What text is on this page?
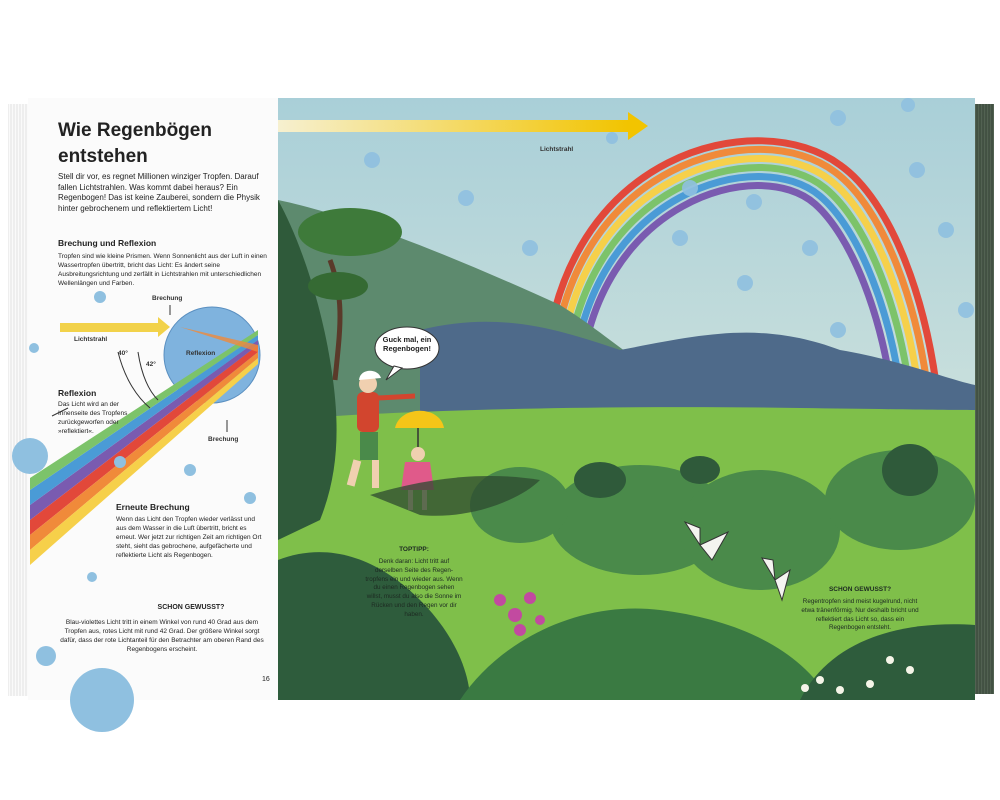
Wie Regenbögen entstehen
Stell dir vor, es regnet Millionen winziger Tropfen. Darauf fallen Lichtstrahlen. Was kommt dabei heraus? Ein Regenbogen! Das ist keine Zauberei, sondern die Physik hinter gebrochenem und reflektiertem Licht!
Brechung und Reflexion
Tropfen sind wie kleine Prismen. Wenn Sonnenlicht aus der Luft in einen Wassertropfen übertritt, bricht das Licht: Es ändert seine Ausbreitungsrichtung und zerfällt in Lichtstrahlen mit unterschiedlichen Wellenlängen und Farben.
Brechung
Lichtstrahl
Reflexion
40°
42°
Brechung
Reflexion
Das Licht wird an der Innenseite des Tropfens zurückgeworfen oder »reflektiert«.
Erneute Brechung
Wenn das Licht den Tropfen wieder verlässt und aus dem Wasser in die Luft übertritt, bricht es erneut. Wer jetzt zur richtigen Zeit am richtigen Ort steht, sieht das gebrochene, aufgefächerte und reflektierte Licht als Regenbogen.
SCHON GEWUSST?
Blau-violettes Licht tritt in einem Winkel von rund 40 Grad aus dem Tropfen aus, rotes Licht mit rund 42 Grad. Der größere Winkel sorgt dafür, dass der rote Lichtanteil für den Betrachter am oberen Rand des Regenbogens erscheint.
16
Lichtstrahl
Guck mal, ein Regenbogen!
TOPTIPP:
Denk daran: Licht tritt auf derselben Seite des Regentropfens ein und wieder aus. Wenn du einen Regenbogen sehen willst, musst du also die Sonne im Rücken und den Regen vor dir haben.
SCHON GEWUSST?
Regentropfen sind meist kugelrund, nicht etwa tränenförmig. Nur deshalb bricht und reflektiert das Licht so, dass ein Regenbogen entsteht.
